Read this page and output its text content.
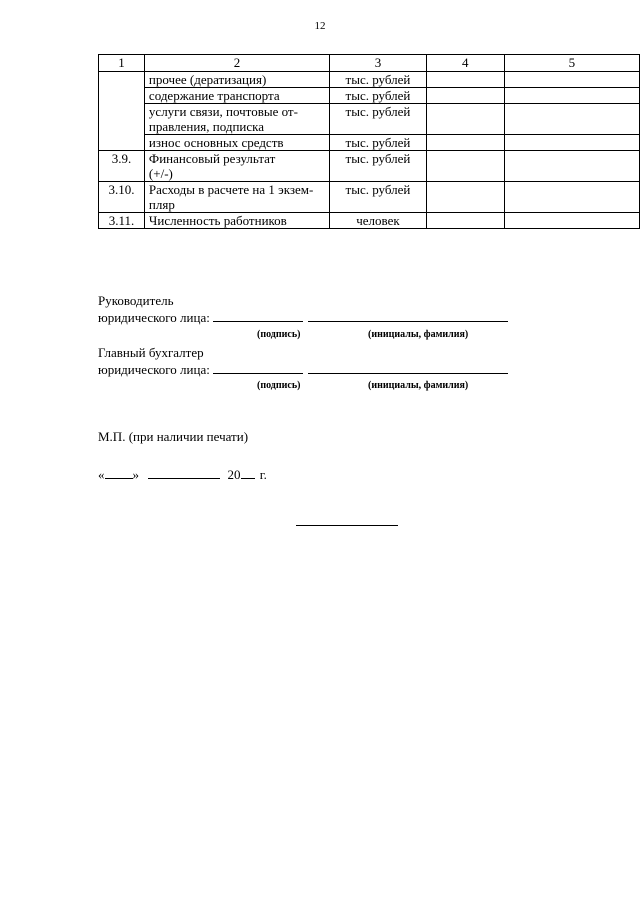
12
1	2	3	4	5

	прочее (дератизация)	тыс. рублей		

	содержание транспорта	тыс. рублей		

	услуги связи, почтовые от-
правления, подписка	тыс. рублей		

	износ основных средств	тыс. рублей		
3.9.	Финансовый результат
(+/-)	тыс. рублей		
3.10.	Расходы в расчете на 1 экзем-
пляр	тыс. рублей		
3.11.	Численность работников	человек		
Руководитель
юридического лица:
(подпись)	(инициалы, фамилия)
Главный бухгалтер
юридического лица:
(подпись)	(инициалы, фамилия)
М.П. (при наличии печати)
« »	20 г.
